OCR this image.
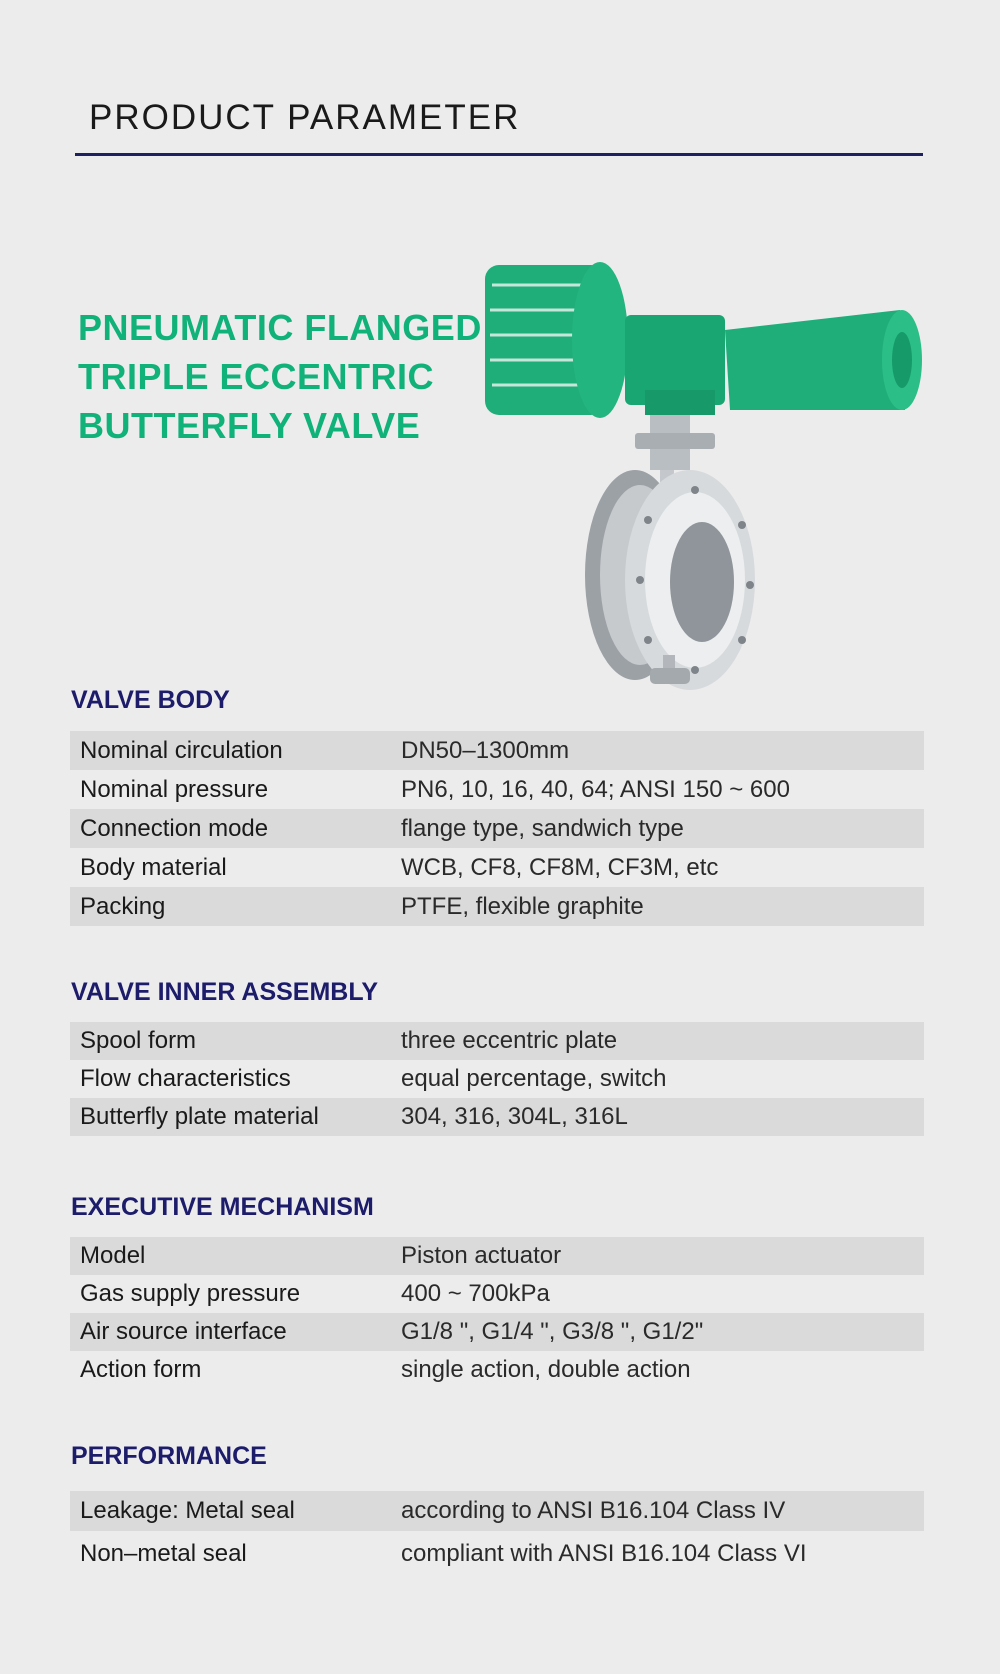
PRODUCT PARAMETER
PNEUMATIC FLANGED
TRIPLE ECCENTRIC
BUTTERFLY VALVE
VALVE BODY
Nominal circulation	DN50–1300mm
Nominal pressure	PN6, 10, 16, 40, 64; ANSI 150 ~ 600
Connection mode	flange type, sandwich type
Body material	WCB, CF8, CF8M, CF3M, etc
Packing	PTFE, flexible graphite
VALVE INNER ASSEMBLY
Spool form	three eccentric plate
Flow characteristics	equal percentage, switch
Butterfly plate material	304, 316, 304L, 316L
EXECUTIVE MECHANISM
Model	Piston actuator
Gas supply pressure	400 ~ 700kPa
Air source interface	G1/8 ", G1/4 ", G3/8 ", G1/2"
Action form	single action, double action
PERFORMANCE
Leakage: Metal seal	according to ANSI B16.104 Class IV
Non–metal seal	compliant with ANSI B16.104 Class VI
